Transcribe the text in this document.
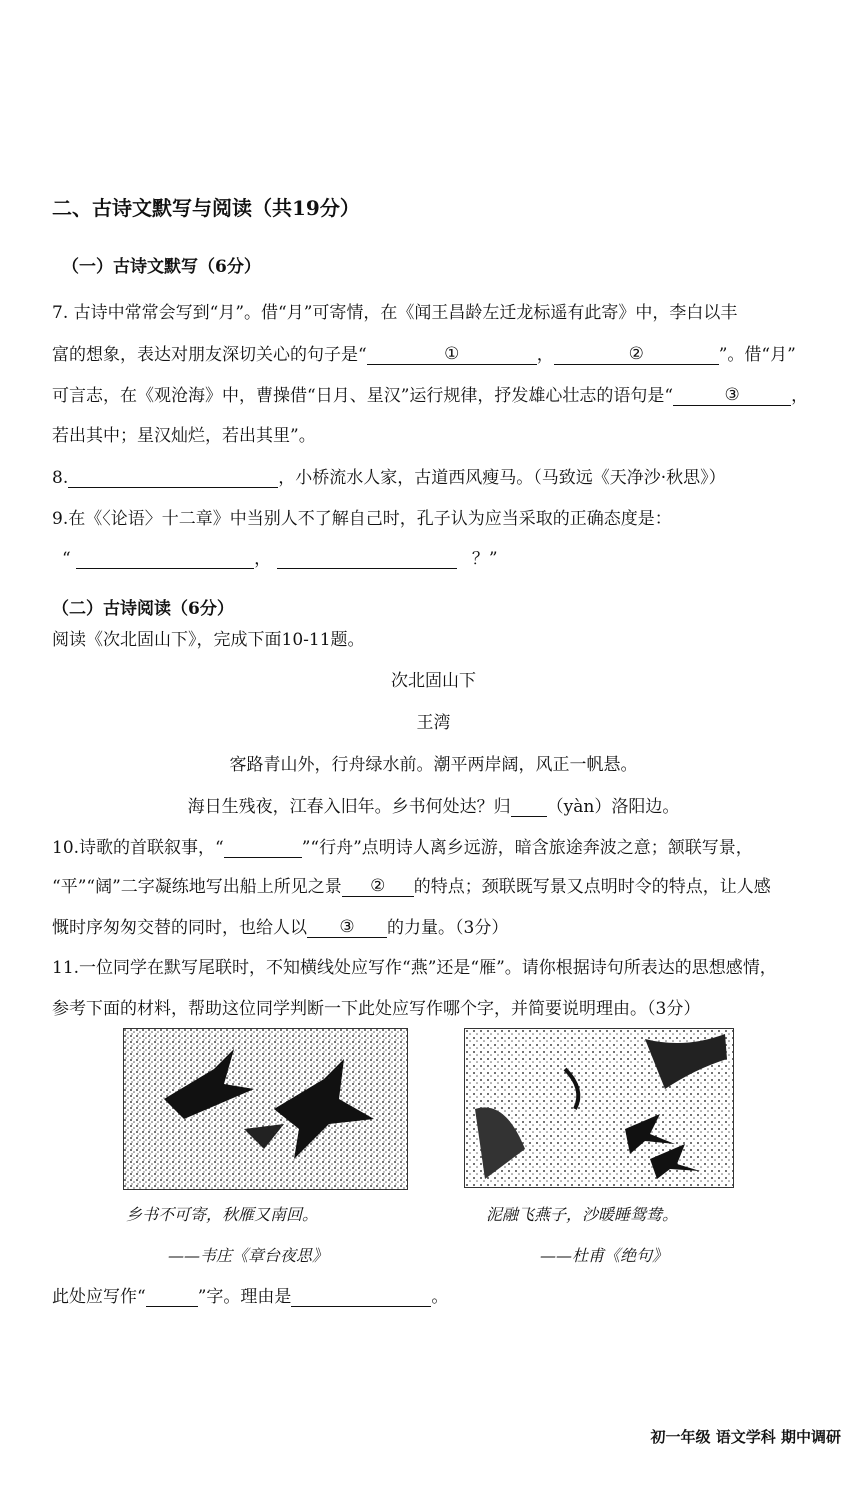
二、古诗文默写与阅读（共19分）
（一）古诗文默写（6分）
7. 古诗中常常会写到“月”。借“月”可寄情，在《闻王昌龄左迁龙标遥有此寄》中，李白以丰
富的想象，表达对朋友深切关心的句子是“	①	，	②	”。借“月”
可言志，在《观沧海》中，曹操借“日月、星汉”运行规律，抒发雄心壮志的语句是“	③	，
若出其中；星汉灿烂，若出其里”。
8.	，小桥流水人家，古道西风瘦马。（马致远《天净沙·秋思》）
9.在《〈论语〉十二章》中当别人不了解自己时，孔子认为应当采取的正确态度是：
“	，	？”
（二）古诗阅读（6分）
阅读《次北固山下》，完成下面10-11题。
次北固山下
王湾
客路青山外，行舟绿水前。潮平两岸阔，风正一帆悬。
海日生残夜，江春入旧年。乡书何处达？归 （yàn）洛阳边。
10.诗歌的首联叙事，“	”“行舟”点明诗人离乡远游，暗含旅途奔波之意；颔联写景，
“平”“阔”二字凝练地写出船上所见之景 ② 的特点；颈联既写景又点明时令的特点，让人感
慨时序匆匆交替的同时，也给人以 ③ 的力量。（3分）
11.一位同学在默写尾联时，不知横线处应写作“燕”还是“雁”。请你根据诗句所表达的思想感情，
参考下面的材料，帮助这位同学判断一下此处应写作哪个字，并简要说明理由。（3分）
乡书不可寄，秋雁又南回。
——韦庄《章台夜思》
泥融飞燕子，沙暖睡鸳鸯。
——杜甫《绝句》
此处应写作“	”字。理由是	。
初一年级 语文学科 期中调研
